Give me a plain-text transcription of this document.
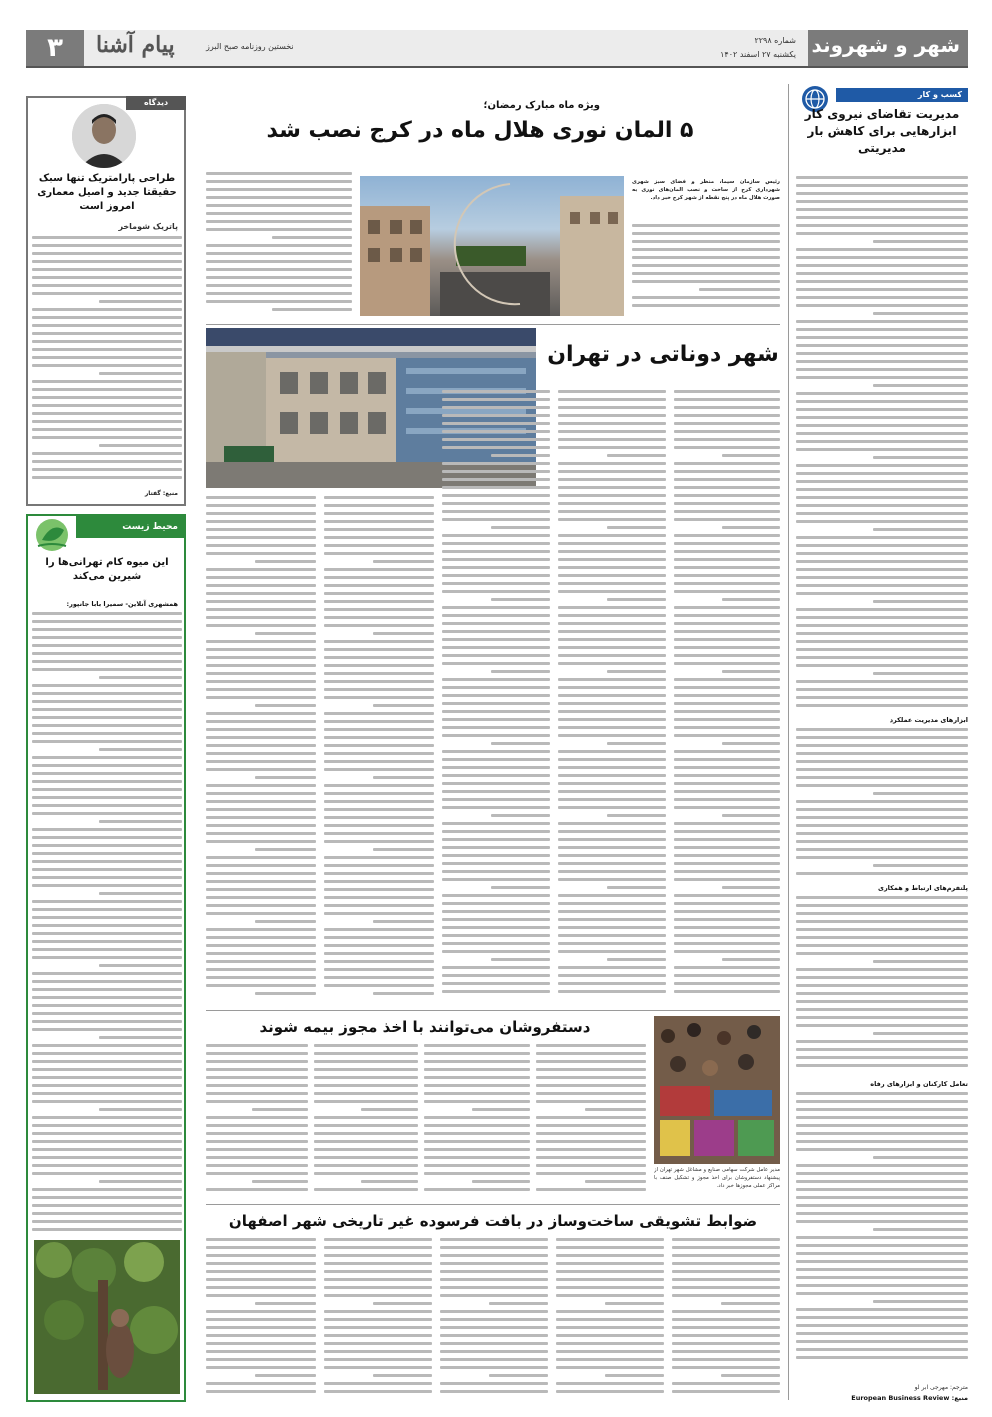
شهر و شهروند
شماره ۲۲۹۸
یکشنبه ۲۷ اسفند ۱۴۰۲
۳	پیام آشنا	نخستین روزنامه صبح البرز
کسب و کار
مدیریت تقاضای نیروی کار ابزارهایی برای کاهش بار مدیریتی
ابزارهای مدیریت عملکرد
پلتفرم‌های ارتباط و همکاری
تعامل کارکنان و ابزارهای رفاه
مترجم: مهرجی ابر لو
منبع: European Business Review
ویژه ماه مبارک رمضان؛
۵ المان نوری هلال ماه در کرج نصب شد
رئیس سازمان سیما، منظر و فضای سبز شهری شهرداری کرج از ساخت و نصب المان‌های نوری به صورت هلال ماه در پنج نقطه از شهر کرج خبر داد.
شهر دوناتی در تهران
دستفروشان می‌توانند با اخذ مجوز بیمه شوند
مدیر عامل شرکت سهامی صنایع و مشاغل شهر تهران از پیشنهاد دستفروشان برای اخذ مجوز و تشکیل صنف با مراکز عملی مجوزها خبر داد.
ضوابط تشویقی ساخت‌وساز در بافت فرسوده غیر تاریخی شهر اصفهان
دیدگاه
طراحی پارامتریک تنها سبک حقیقتا جدید و اصیل معماری امروز است
پاتریک شوماخر
منبع: گفتار
محیط زیست
این میوه کام تهرانی‌ها را شیرین می‌کند
همشهری آنلاین- سمیرا بابا جانپور:
